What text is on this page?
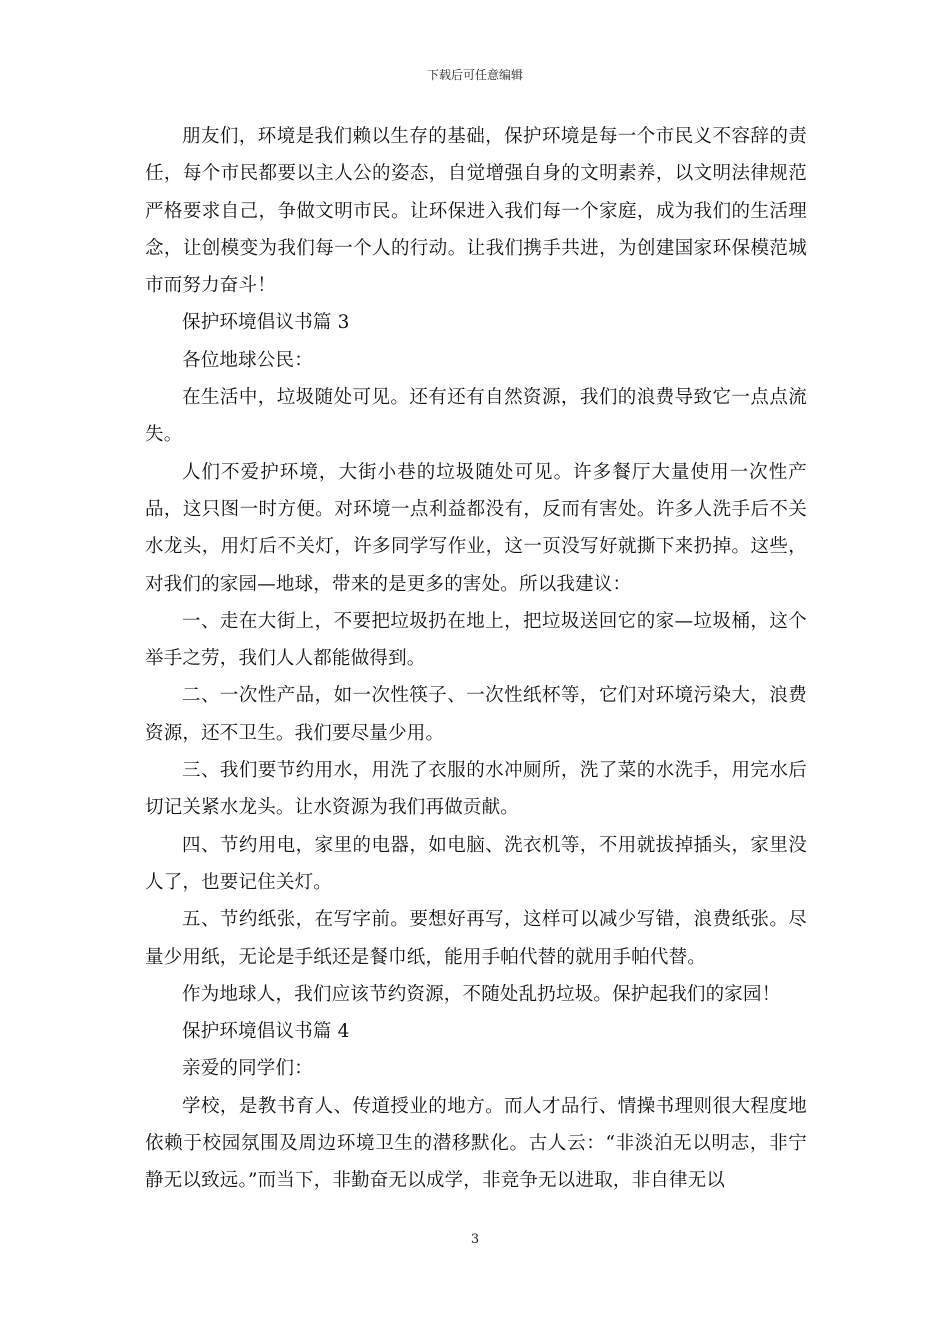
下载后可任意编辑

朋友们，环境是我们赖以生存的基础，保护环境是每一个市民义不容辞的责任，每个市民都要以主人公的姿态，自觉增强自身的文明素养，以文明法律规范严格要求自己，争做文明市民。让环保进入我们每一个家庭，成为我们的生活理念，让创模变为我们每一个人的行动。让我们携手共进，为创建国家环保模范城市而努力奋斗！

保护环境倡议书篇 3

各位地球公民：

在生活中，垃圾随处可见。还有还有自然资源，我们的浪费导致它一点点流失。

人们不爱护环境，大街小巷的垃圾随处可见。许多餐厅大量使用一次性产品，这只图一时方便。对环境一点利益都没有，反而有害处。许多人洗手后不关水龙头，用灯后不关灯，许多同学写作业，这一页没写好就撕下来扔掉。这些，对我们的家园—地球，带来的是更多的害处。所以我建议：

一、走在大街上，不要把垃圾扔在地上，把垃圾送回它的家—垃圾桶，这个举手之劳，我们人人都能做得到。

二、一次性产品，如一次性筷子、一次性纸杯等，它们对环境污染大，浪费资源，还不卫生。我们要尽量少用。

三、我们要节约用水，用洗了衣服的水冲厕所，洗了菜的水洗手，用完水后切记关紧水龙头。让水资源为我们再做贡献。

四、节约用电，家里的电器，如电脑、洗衣机等，不用就拔掉插头，家里没人了，也要记住关灯。

五、节约纸张，在写字前。要想好再写，这样可以减少写错，浪费纸张。尽量少用纸，无论是手纸还是餐巾纸，能用手帕代替的就用手帕代替。

作为地球人，我们应该节约资源，不随处乱扔垃圾。保护起我们的家园！

保护环境倡议书篇 4

亲爱的同学们：

学校，是教书育人、传道授业的地方。而人才品行、情操书理则很大程度地依赖于校园氛围及周边环境卫生的潜移默化。古人云：“非淡泊无以明志，非宁静无以致远。”而当下，非勤奋无以成学，非竞争无以进取，非自律无以

3
